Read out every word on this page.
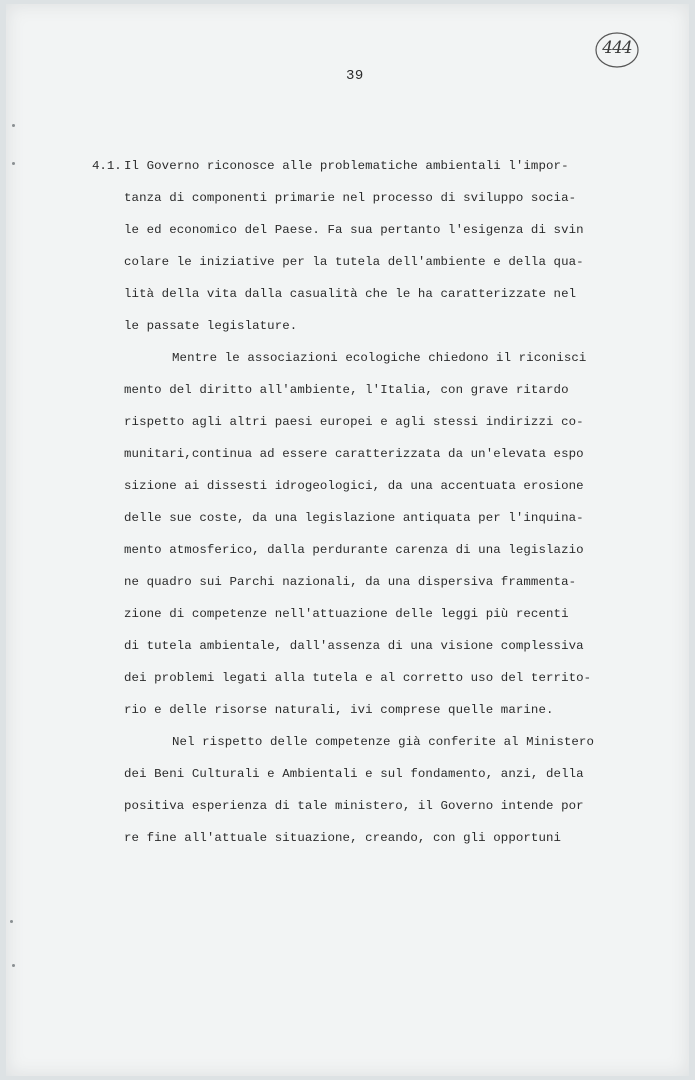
444
39
4.1. Il Governo riconosce alle problematiche ambientali l'impor-
tanza di componenti primarie nel processo di sviluppo socia-
le ed economico del Paese. Fa sua pertanto l'esigenza di svin
colare le iniziative per la tutela dell'ambiente e della qua-
lità della vita dalla casualità che le ha caratterizzate nel
le passate legislature.
Mentre le associazioni ecologiche chiedono il riconisci
mento del diritto all'ambiente, l'Italia, con grave ritardo
rispetto agli altri paesi europei e agli stessi indirizzi co-
munitari,continua ad essere caratterizzata da un'elevata espo
sizione ai dissesti idrogeologici, da una accentuata erosione
delle sue coste, da una legislazione antiquata per l'inquina-
mento atmosferico, dalla perdurante carenza di una legislazio
ne quadro sui Parchi nazionali, da una dispersiva frammenta-
zione di competenze nell'attuazione delle leggi più recenti
di tutela ambientale, dall'assenza di una visione complessiva
dei problemi legati alla tutela e al corretto uso del territo-
rio e delle risorse naturali, ivi comprese quelle marine.
Nel rispetto delle competenze già conferite al Ministero
dei Beni Culturali e Ambientali e sul fondamento, anzi, della
positiva esperienza di tale ministero, il Governo intende por
re fine all'attuale situazione, creando, con gli opportuni
